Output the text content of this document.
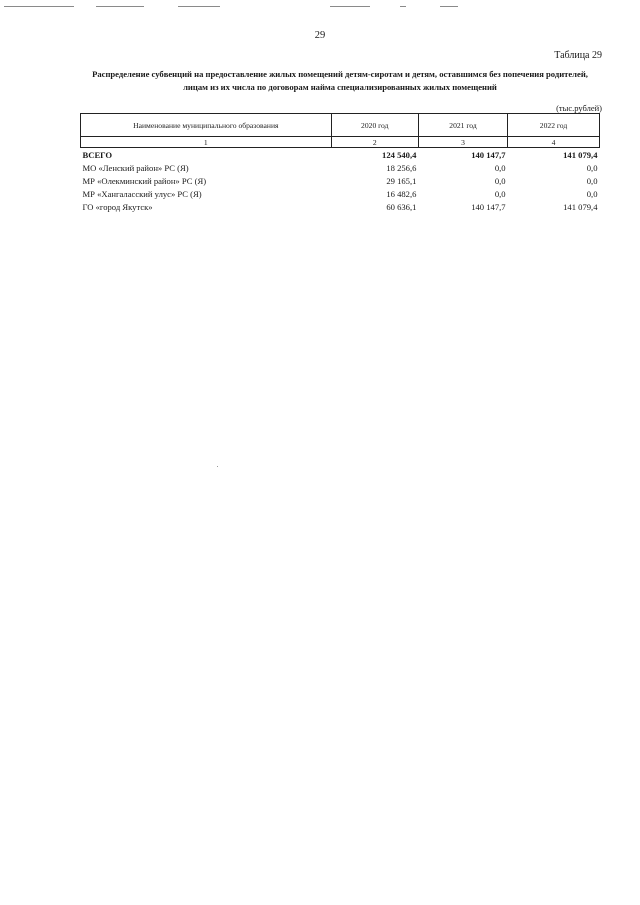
29
Таблица 29
Распределение субвенций на предоставление жилых помещений детям-сиротам и детям, оставшимся без попечения родителей, лицам из их числа по договорам найма специализированных жилых помещений
(тыс.рублей)
Наименование муниципального образования	2020 год	2021 год	2022 год
1	2	3	4
ВСЕГО	124 540,4	140 147,7	141 079,4
МО «Ленский район» РС (Я)	18 256,6	0,0	0,0
МР «Олекминский район» РС (Я)	29 165,1	0,0	0,0
МР «Хангаласский улус» РС (Я)	16 482,6	0,0	0,0
ГО «город Якутск»	60 636,1	140 147,7	141 079,4
